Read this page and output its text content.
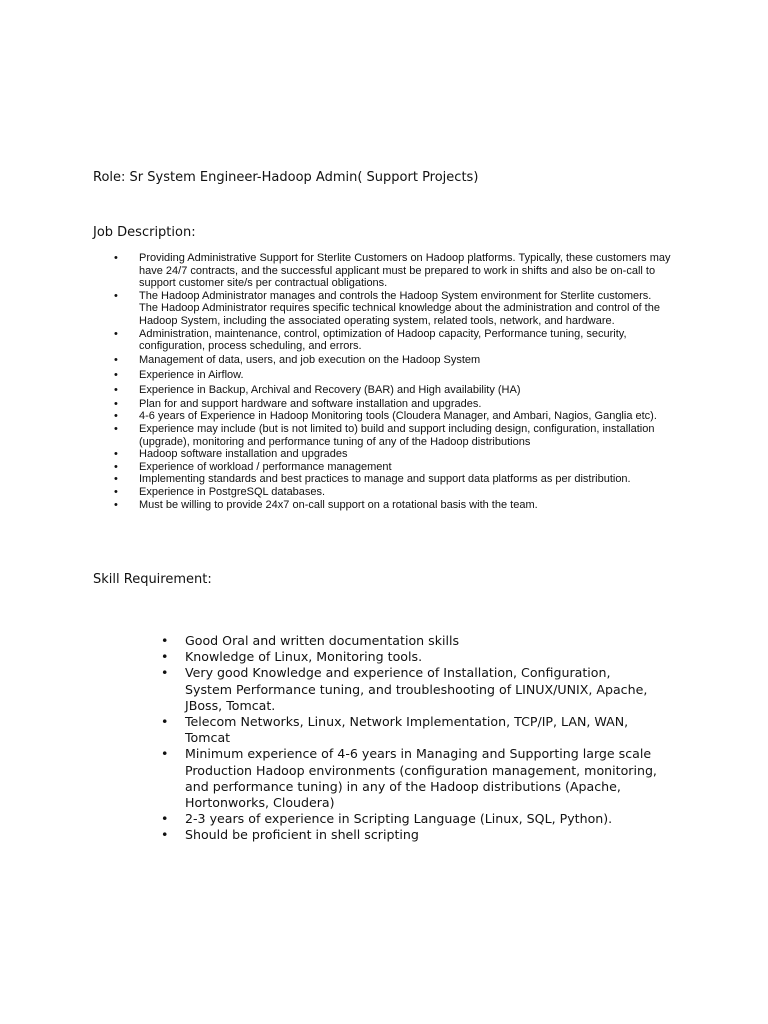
Role: Sr System Engineer-Hadoop Admin( Support Projects)

Job Description:

• Providing Administrative Support for Sterlite Customers on Hadoop platforms. Typically, these customers may have 24/7 contracts, and the successful applicant must be prepared to work in shifts and also be on-call to support customer site/s per contractual obligations.
• The Hadoop Administrator manages and controls the Hadoop System environment for Sterlite customers. The Hadoop Administrator requires specific technical knowledge about the administration and control of the Hadoop System, including the associated operating system, related tools, network, and hardware.
• Administration, maintenance, control, optimization of Hadoop capacity, Performance tuning, security, configuration, process scheduling, and errors.
• Management of data, users, and job execution on the Hadoop System
• Experience in Airflow.
• Experience in Backup, Archival and Recovery (BAR) and High availability (HA)
• Plan for and support hardware and software installation and upgrades.
• 4-6 years of Experience in Hadoop Monitoring tools (Cloudera Manager, and Ambari, Nagios, Ganglia etc).
• Experience may include (but is not limited to) build and support including design, configuration, installation (upgrade), monitoring and performance tuning of any of the Hadoop distributions
• Hadoop software installation and upgrades
• Experience of workload / performance management
• Implementing standards and best practices to manage and support data platforms as per distribution.
• Experience in PostgreSQL databases.
• Must be willing to provide 24x7 on-call support on a rotational basis with the team.

Skill Requirement:

• Good Oral and written documentation skills
• Knowledge of Linux, Monitoring tools.
• Very good Knowledge and experience of Installation, Configuration, System Performance tuning, and troubleshooting of LINUX/UNIX, Apache, JBoss, Tomcat.
• Telecom Networks, Linux, Network Implementation, TCP/IP, LAN, WAN, Tomcat
• Minimum experience of 4-6 years in Managing and Supporting large scale Production Hadoop environments (configuration management, monitoring, and performance tuning) in any of the Hadoop distributions (Apache, Hortonworks, Cloudera)
• 2-3 years of experience in Scripting Language (Linux, SQL, Python).
• Should be proficient in shell scripting
